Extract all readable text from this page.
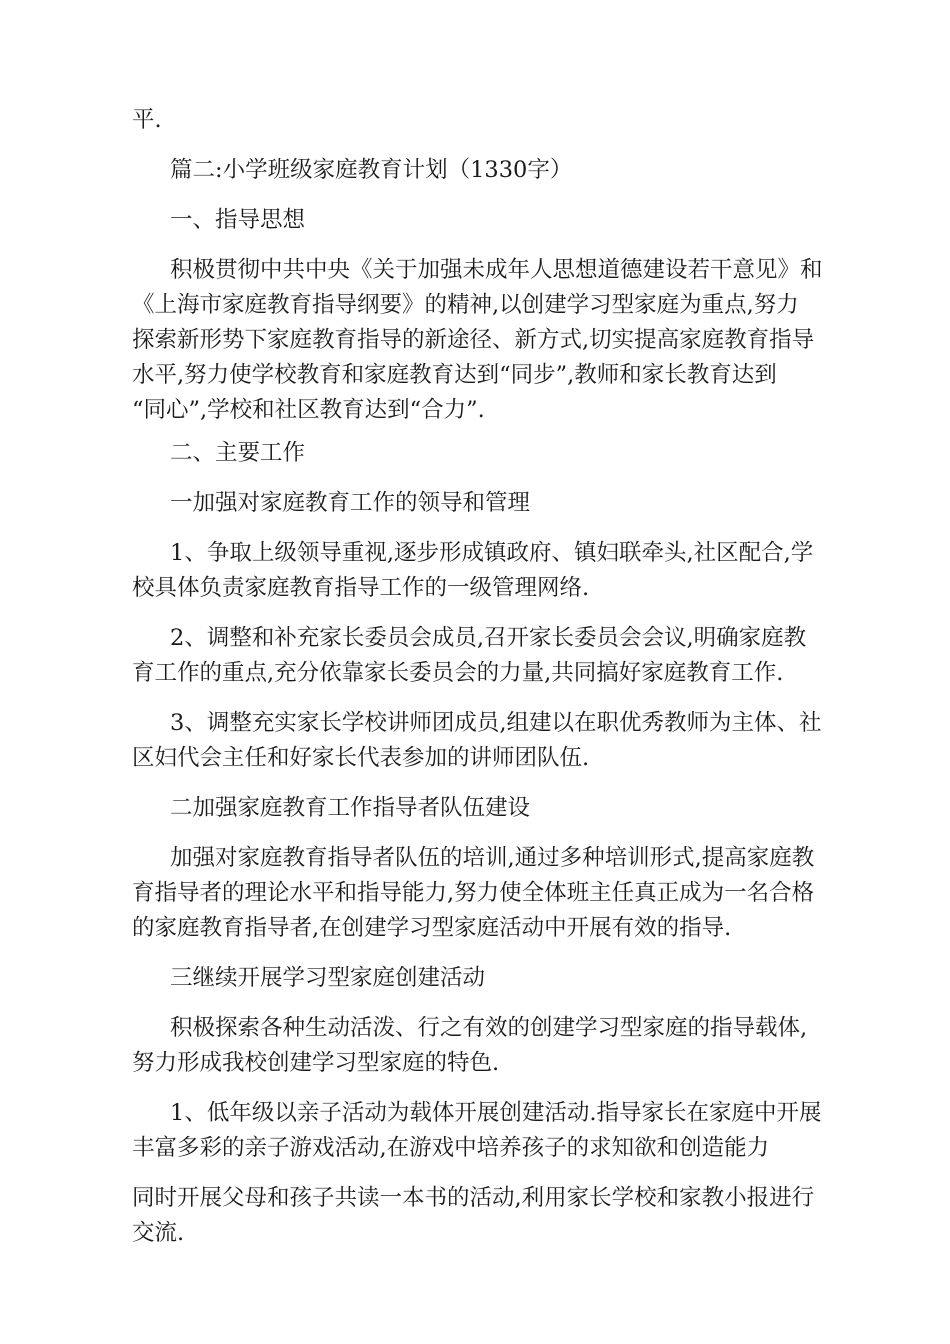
平.
篇二:小学班级家庭教育计划（1330字）
一、指导思想
积极贯彻中共中央《关于加强未成年人思想道德建设若干意见》和
《上海市家庭教育指导纲要》的精神,以创建学习型家庭为重点,努力
探索新形势下家庭教育指导的新途径、新方式,切实提高家庭教育指导
水平,努力使学校教育和家庭教育达到“同步”,教师和家长教育达到
“同心”,学校和社区教育达到“合力”.
二、主要工作
一加强对家庭教育工作的领导和管理
1、争取上级领导重视,逐步形成镇政府、镇妇联牵头,社区配合,学
校具体负责家庭教育指导工作的一级管理网络.
2、调整和补充家长委员会成员,召开家长委员会会议,明确家庭教
育工作的重点,充分依靠家长委员会的力量,共同搞好家庭教育工作.
3、调整充实家长学校讲师团成员,组建以在职优秀教师为主体、社
区妇代会主任和好家长代表参加的讲师团队伍.
二加强家庭教育工作指导者队伍建设
加强对家庭教育指导者队伍的培训,通过多种培训形式,提高家庭教
育指导者的理论水平和指导能力,努力使全体班主任真正成为一名合格
的家庭教育指导者,在创建学习型家庭活动中开展有效的指导.
三继续开展学习型家庭创建活动
积极探索各种生动活泼、行之有效的创建学习型家庭的指导载体,
努力形成我校创建学习型家庭的特色.
1、低年级以亲子活动为载体开展创建活动.指导家长在家庭中开展
丰富多彩的亲子游戏活动,在游戏中培养孩子的求知欲和创造能力
同时开展父母和孩子共读一本书的活动,利用家长学校和家教小报进行
交流.
